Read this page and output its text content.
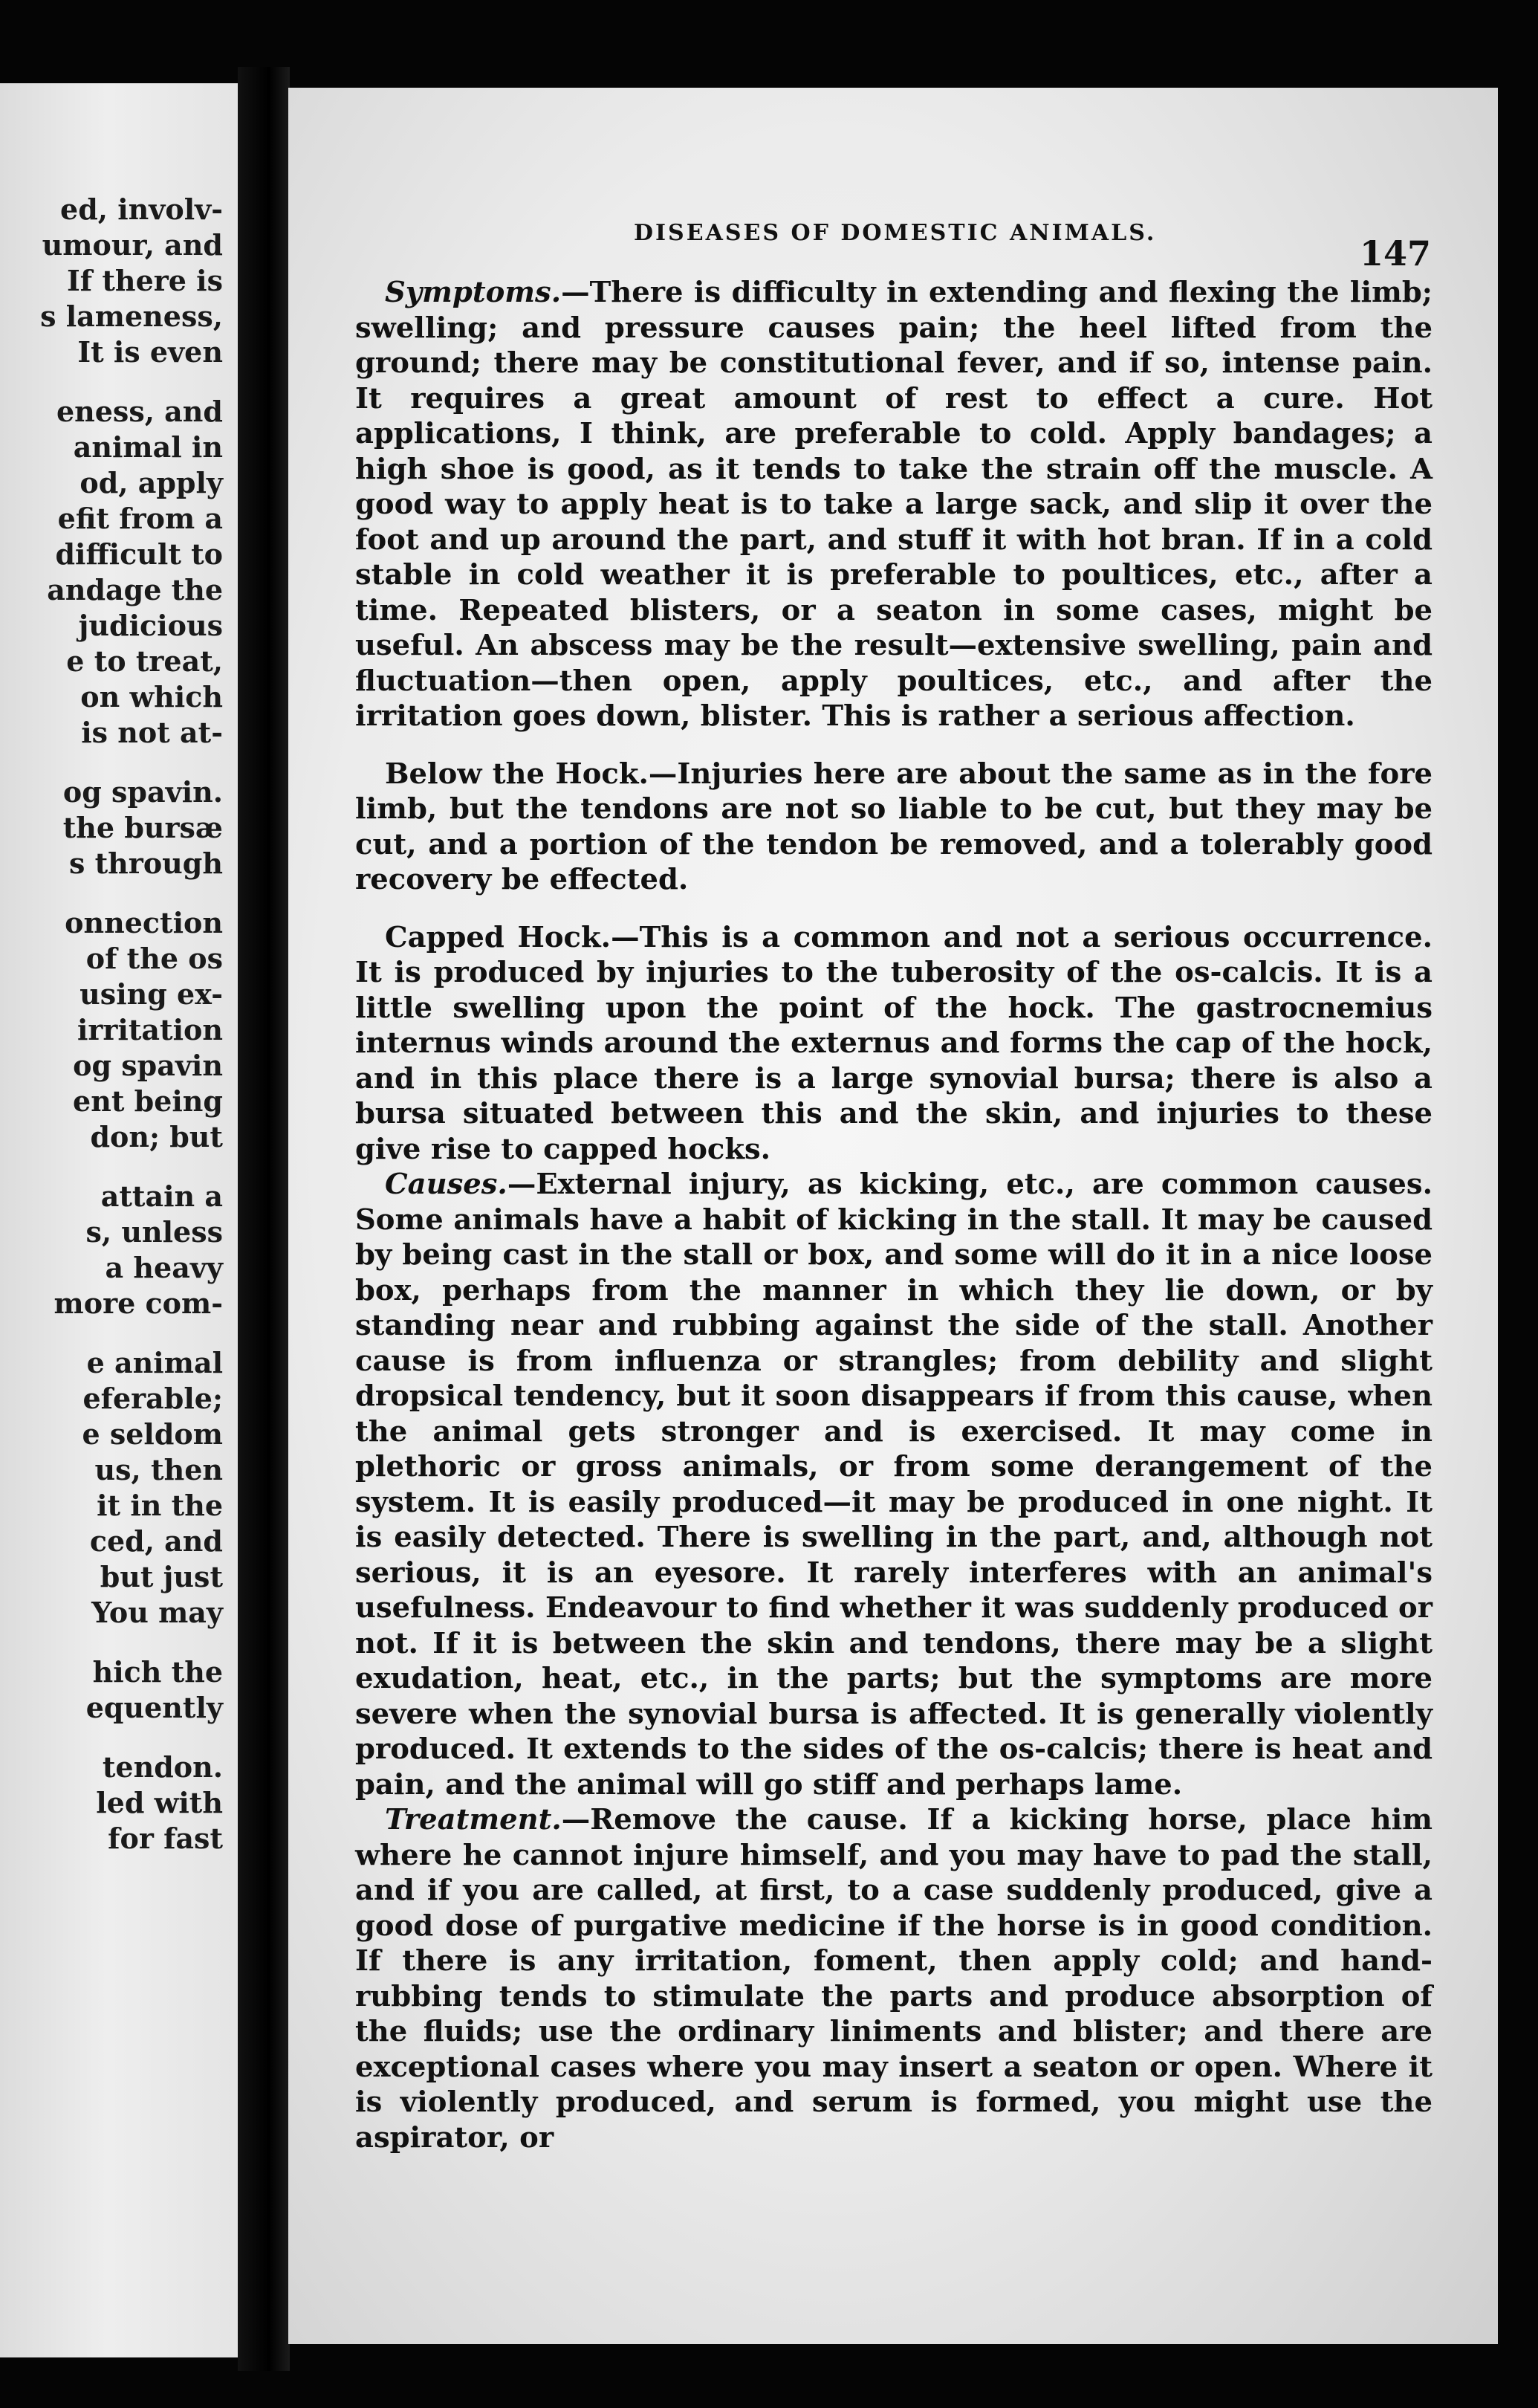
ed, involv-
umour, and
If there is
s lameness,
It is even
eness, and
animal in
od, apply
efit from a
difficult to
andage the
judicious
e to treat,
on which
is not at-
og spavin.
the bursæ
s through
onnection
of the os
using ex-
irritation
og spavin
ent being
don; but
attain a
s, unless
a heavy
more com-
e animal
eferable;
e seldom
us, then
it in the
ced, and
but just
You may
hich the
equently
tendon.
led with
for fast
DISEASES OF DOMESTIC ANIMALS.
147

Symptoms.—There is difficulty in extending and flexing the limb; swelling; and pressure causes pain; the heel lifted from the ground; there may be constitutional fever, and if so, intense pain. It requires a great amount of rest to effect a cure. Hot applications, I think, are preferable to cold. Apply bandages; a high shoe is good, as it tends to take the strain off the muscle. A good way to apply heat is to take a large sack, and slip it over the foot and up around the part, and stuff it with hot bran. If in a cold stable in cold weather it is preferable to poultices, etc., after a time. Repeated blisters, or a seaton in some cases, might be useful. An abscess may be the result—extensive swelling, pain and fluctuation—then open, apply poultices, etc., and after the irritation goes down, blister. This is rather a serious affection.

Below the Hock.—Injuries here are about the same as in the fore limb, but the tendons are not so liable to be cut, but they may be cut, and a portion of the tendon be removed, and a tolerably good recovery be effected.

Capped Hock.—This is a common and not a serious occurrence. It is produced by injuries to the tuberosity of the os-calcis. It is a little swelling upon the point of the hock. The gastrocnemius internus winds around the externus and forms the cap of the hock, and in this place there is a large synovial bursa; there is also a bursa situated between this and the skin, and injuries to these give rise to capped hocks.

Causes.—External injury, as kicking, etc., are common causes. Some animals have a habit of kicking in the stall. It may be caused by being cast in the stall or box, and some will do it in a nice loose box, perhaps from the manner in which they lie down, or by standing near and rubbing against the side of the stall. Another cause is from influenza or strangles; from debility and slight dropsical tendency, but it soon disappears if from this cause, when the animal gets stronger and is exercised. It may come in plethoric or gross animals, or from some derangement of the system. It is easily produced—it may be produced in one night. It is easily detected. There is swelling in the part, and, although not serious, it is an eyesore. It rarely interferes with an animal's usefulness. Endeavour to find whether it was suddenly produced or not. If it is between the skin and tendons, there may be a slight exudation, heat, etc., in the parts; but the symptoms are more severe when the synovial bursa is affected. It is generally violently produced. It extends to the sides of the os-calcis; there is heat and pain, and the animal will go stiff and perhaps lame.

Treatment.—Remove the cause. If a kicking horse, place him where he cannot injure himself, and you may have to pad the stall, and if you are called, at first, to a case suddenly produced, give a good dose of purgative medicine if the horse is in good condition. If there is any irritation, foment, then apply cold; and hand-rubbing tends to stimulate the parts and produce absorption of the fluids; use the ordinary liniments and blister; and there are exceptional cases where you may insert a seaton or open. Where it is violently produced, and serum is formed, you might use the aspirator, or
